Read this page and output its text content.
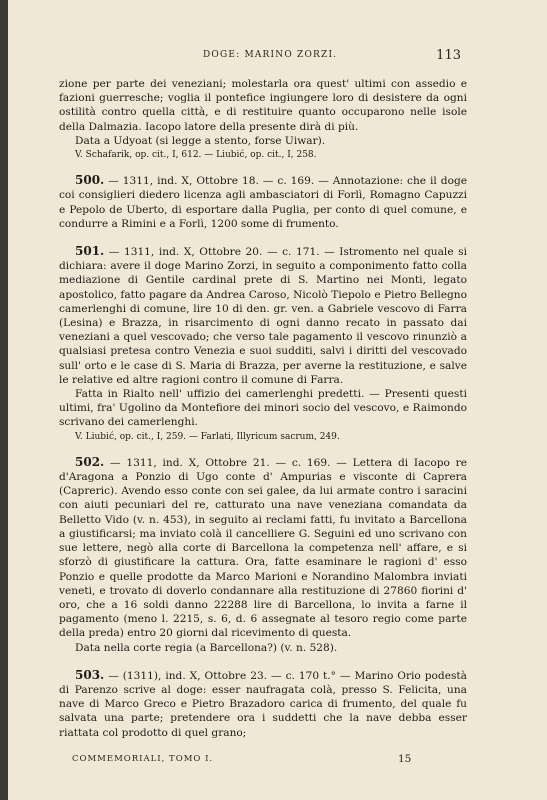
DOGE: MARINO ZORZI.	113

zione per parte dei veneziani; molestarla ora quest' ultimi con assedio e fazioni guerresche; voglia il pontefice ingiungere loro di desistere da ogni ostilità contro quella città, e di restituire quanto occuparono nelle isole della Dalmazia. Iacopo latore della presente dirà di più.

Data a Udyoat (si legge a stento, forse Uiwar).

V. Schafarik, op. cit., I, 612. — Liubić, op. cit., I, 258.

500. — 1311, ind. X, Ottobre 18. — c. 169. — Annotazione: che il doge coi consiglieri diedero licenza agli ambasciatori di Forlì, Romagno Capuzzi e Pepolo de Uberto, di esportare dalla Puglia, per conto di quel comune, e condurre a Rimini e a Forlì, 1200 some di frumento.

501. — 1311, ind. X, Ottobre 20. — c. 171. — Istromento nel quale si dichiara: avere il doge Marino Zorzi, in seguito a componimento fatto colla mediazione di Gentile cardinal prete di S. Martino nei Monti, legato apostolico, fatto pagare da Andrea Caroso, Nicolò Tiepolo e Pietro Bellegno camerlenghi di comune, lire 10 di den. gr. ven. a Gabriele vescovo di Farra (Lesina) e Brazza, in risarcimento di ogni danno recato in passato dai veneziani a quel vescovado; che verso tale pagamento il vescovo rinunziò a qualsiasi pretesa contro Venezia e suoi sudditi, salvi i diritti del vescovado sull' orto e le case di S. Maria di Brazza, per averne la restituzione, e salve le relative ed altre ragioni contro il comune di Farra.

Fatta in Rialto nell' uffizio dei camerlenghi predetti. — Presenti questi ultimi, fra' Ugolino da Montefiore dei minori socio del vescovo, e Raimondo scrivano dei camerlenghi.

V. Liubić, op. cit., I, 259. — Farlati, Illyricum sacrum, 249.

502. — 1311, ind. X, Ottobre 21. — c. 169. — Lettera di Iacopo re d'Aragona a Ponzio di Ugo conte d' Ampurias e visconte di Caprera (Capreric). Avendo esso conte con sei galee, da lui armate contro i saracini con aiuti pecuniari del re, catturato una nave veneziana comandata da Belletto Vido (v. n. 453), in seguito ai reclami fatti, fu invitato a Barcellona a giustificarsi; ma inviato colà il cancelliere G. Seguini ed uno scrivano con sue lettere, negò alla corte di Barcellona la competenza nell' affare, e si sforzò di giustificare la cattura. Ora, fatte esaminare le ragioni d' esso Ponzio e quelle prodotte da Marco Marioni e Norandino Malombra inviati veneti, e trovato di doverlo condannare alla restituzione di 27860 fiorini d' oro, che a 16 soldi danno 22288 lire di Barcellona, lo invita a farne il pagamento (meno l. 2215, s. 6, d. 6 assegnate al tesoro regio come parte della preda) entro 20 giorni dal ricevimento di questa.

Data nella corte regia (a Barcellona?) (v. n. 528).

503. — (1311), ind. X, Ottobre 23. — c. 170 t.° — Marino Orio podestà di Parenzo scrive al doge: esser naufragata colà, presso S. Felicita, una nave di Marco Greco e Pietro Brazadoro carica di frumento, del quale fu salvata una parte; pretendere ora i suddetti che la nave debba esser riattata col prodotto di quel grano;

COMMEMORIALI, TOMO I.	15
